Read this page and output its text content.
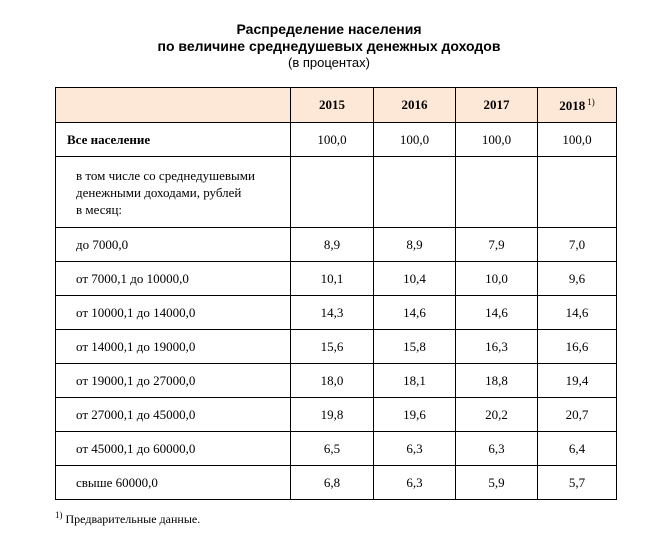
Распределение населения
по величине среднедушевых денежных доходов
(в процентах)
	2015	2016	2017	2018 $^{1)}$
Все население	100,0	100,0	100,0	100,0

в том числе со среднедушевыми
денежными доходами, рублей
в месяц:				

до 7000,0	8,9	8,9	7,9	7,0
от 7000,1 до 10000,0	10,1	10,4	10,0	9,6
от 10000,1 до 14000,0	14,3	14,6	14,6	14,6
от 14000,1 до 19000,0	15,6	15,8	16,3	16,6
от 19000,1 до 27000,0	18,0	18,1	18,8	19,4
от 27000,1 до 45000,0	19,8	19,6	20,2	20,7
от 45000,1 до 60000,0	6,5	6,3	6,3	6,4
свыше 60000,0	6,8	6,3	5,9	5,7
$^{1)}$ Предварительные данные.
